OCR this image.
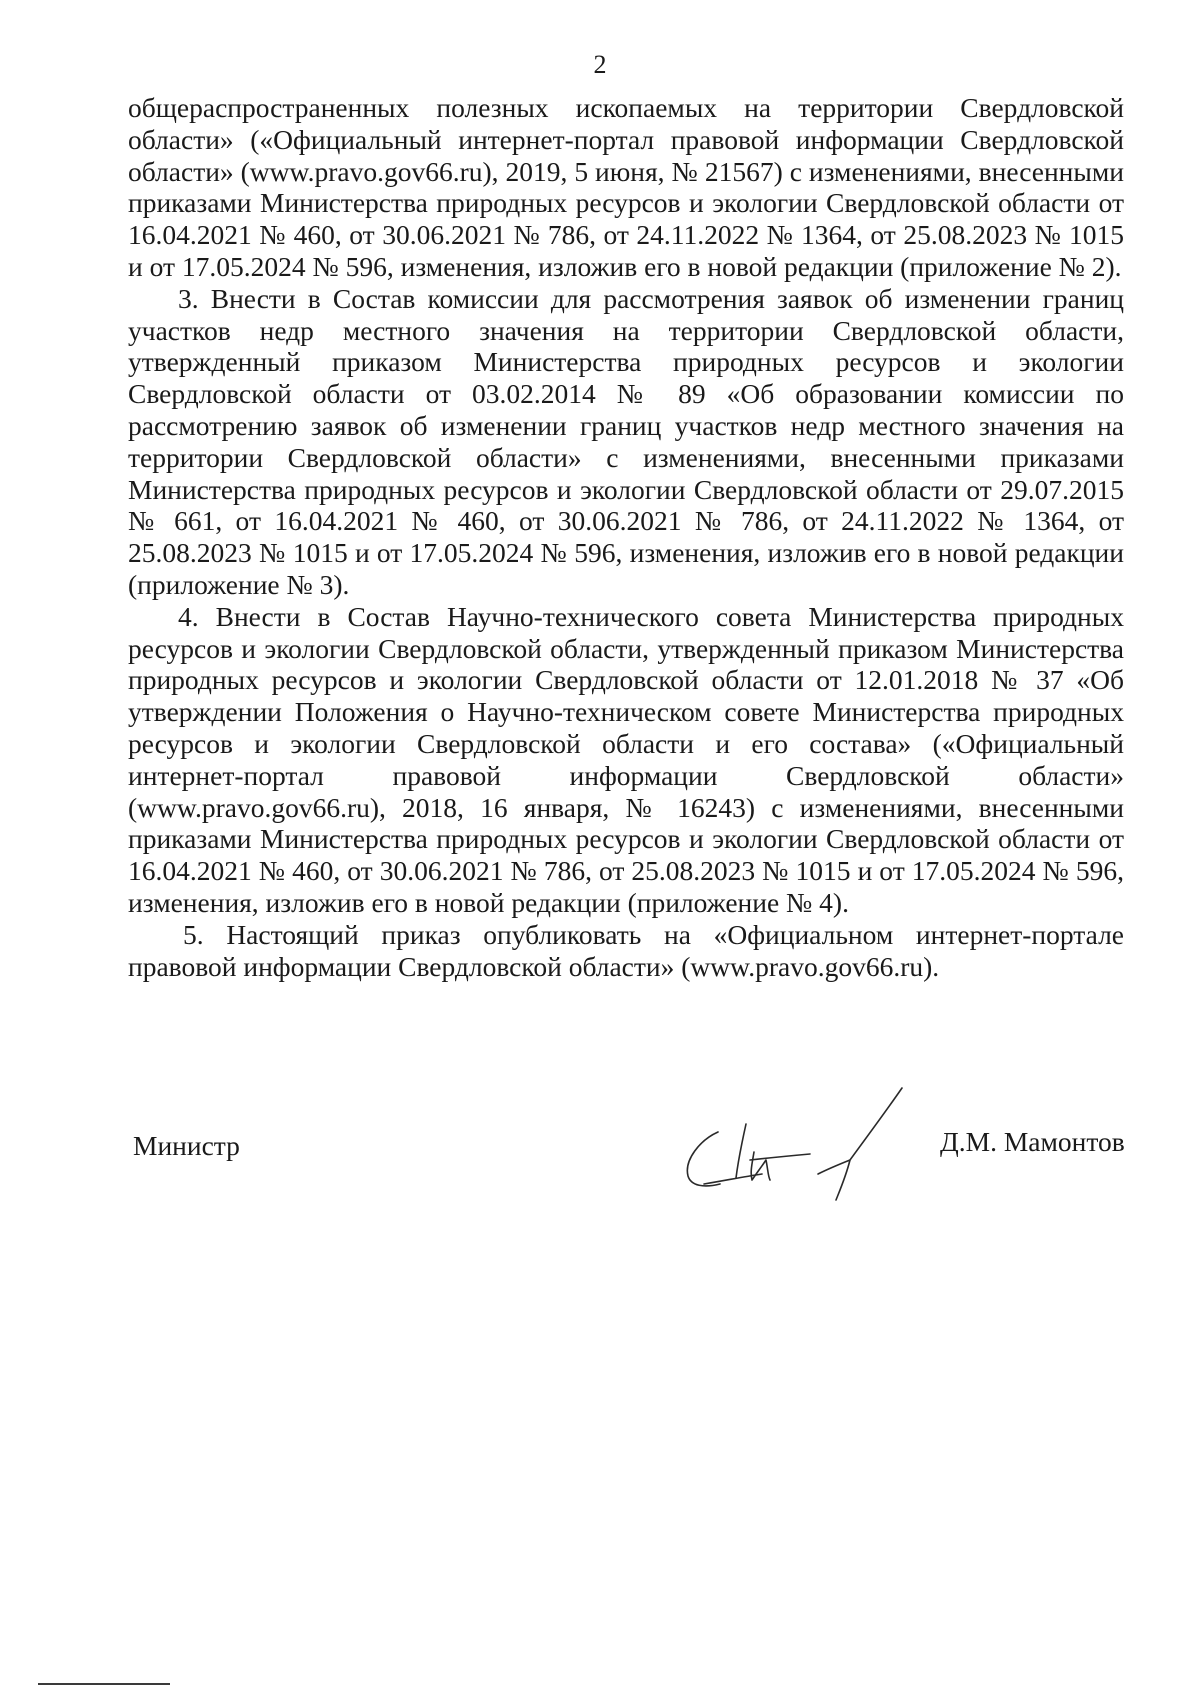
2

общераспространенных полезных ископаемых на территории Свердловской области» («Официальный интернет-портал правовой информации Свердловской области» (www.pravo.gov66.ru), 2019, 5 июня, № 21567) с изменениями, внесенными приказами Министерства природных ресурсов и экологии Свердловской области от 16.04.2021 № 460, от 30.06.2021 № 786, от 24.11.2022 № 1364, от 25.08.2023 № 1015 и от 17.05.2024 № 596, изменения, изложив его в новой редакции (приложение № 2).

3. Внести в Состав комиссии для рассмотрения заявок об изменении границ участков недр местного значения на территории Свердловской области, утвержденный приказом Министерства природных ресурсов и экологии Свердловской области от 03.02.2014 № 89 «Об образовании комиссии по рассмотрению заявок об изменении границ участков недр местного значения на территории Свердловской области» с изменениями, внесенными приказами Министерства природных ресурсов и экологии Свердловской области от 29.07.2015 № 661, от 16.04.2021 № 460, от 30.06.2021 № 786, от 24.11.2022 № 1364, от 25.08.2023 № 1015 и от 17.05.2024 № 596, изменения, изложив его в новой редакции (приложение № 3).

4. Внести в Состав Научно-технического совета Министерства природных ресурсов и экологии Свердловской области, утвержденный приказом Министерства природных ресурсов и экологии Свердловской области от 12.01.2018 № 37 «Об утверждении Положения о Научно-техническом совете Министерства природных ресурсов и экологии Свердловской области и его состава» («Официальный интернет-портал правовой информации Свердловской области» (www.pravo.gov66.ru), 2018, 16 января, № 16243) с изменениями, внесенными приказами Министерства природных ресурсов и экологии Свердловской области от 16.04.2021 № 460, от 30.06.2021 № 786, от 25.08.2023 № 1015 и от 17.05.2024 № 596, изменения, изложив его в новой редакции (приложение № 4).

5. Настоящий приказ опубликовать на «Официальном интернет-портале правовой информации Свердловской области» (www.pravo.gov66.ru).

Министр	Д.М. Мамонтов
